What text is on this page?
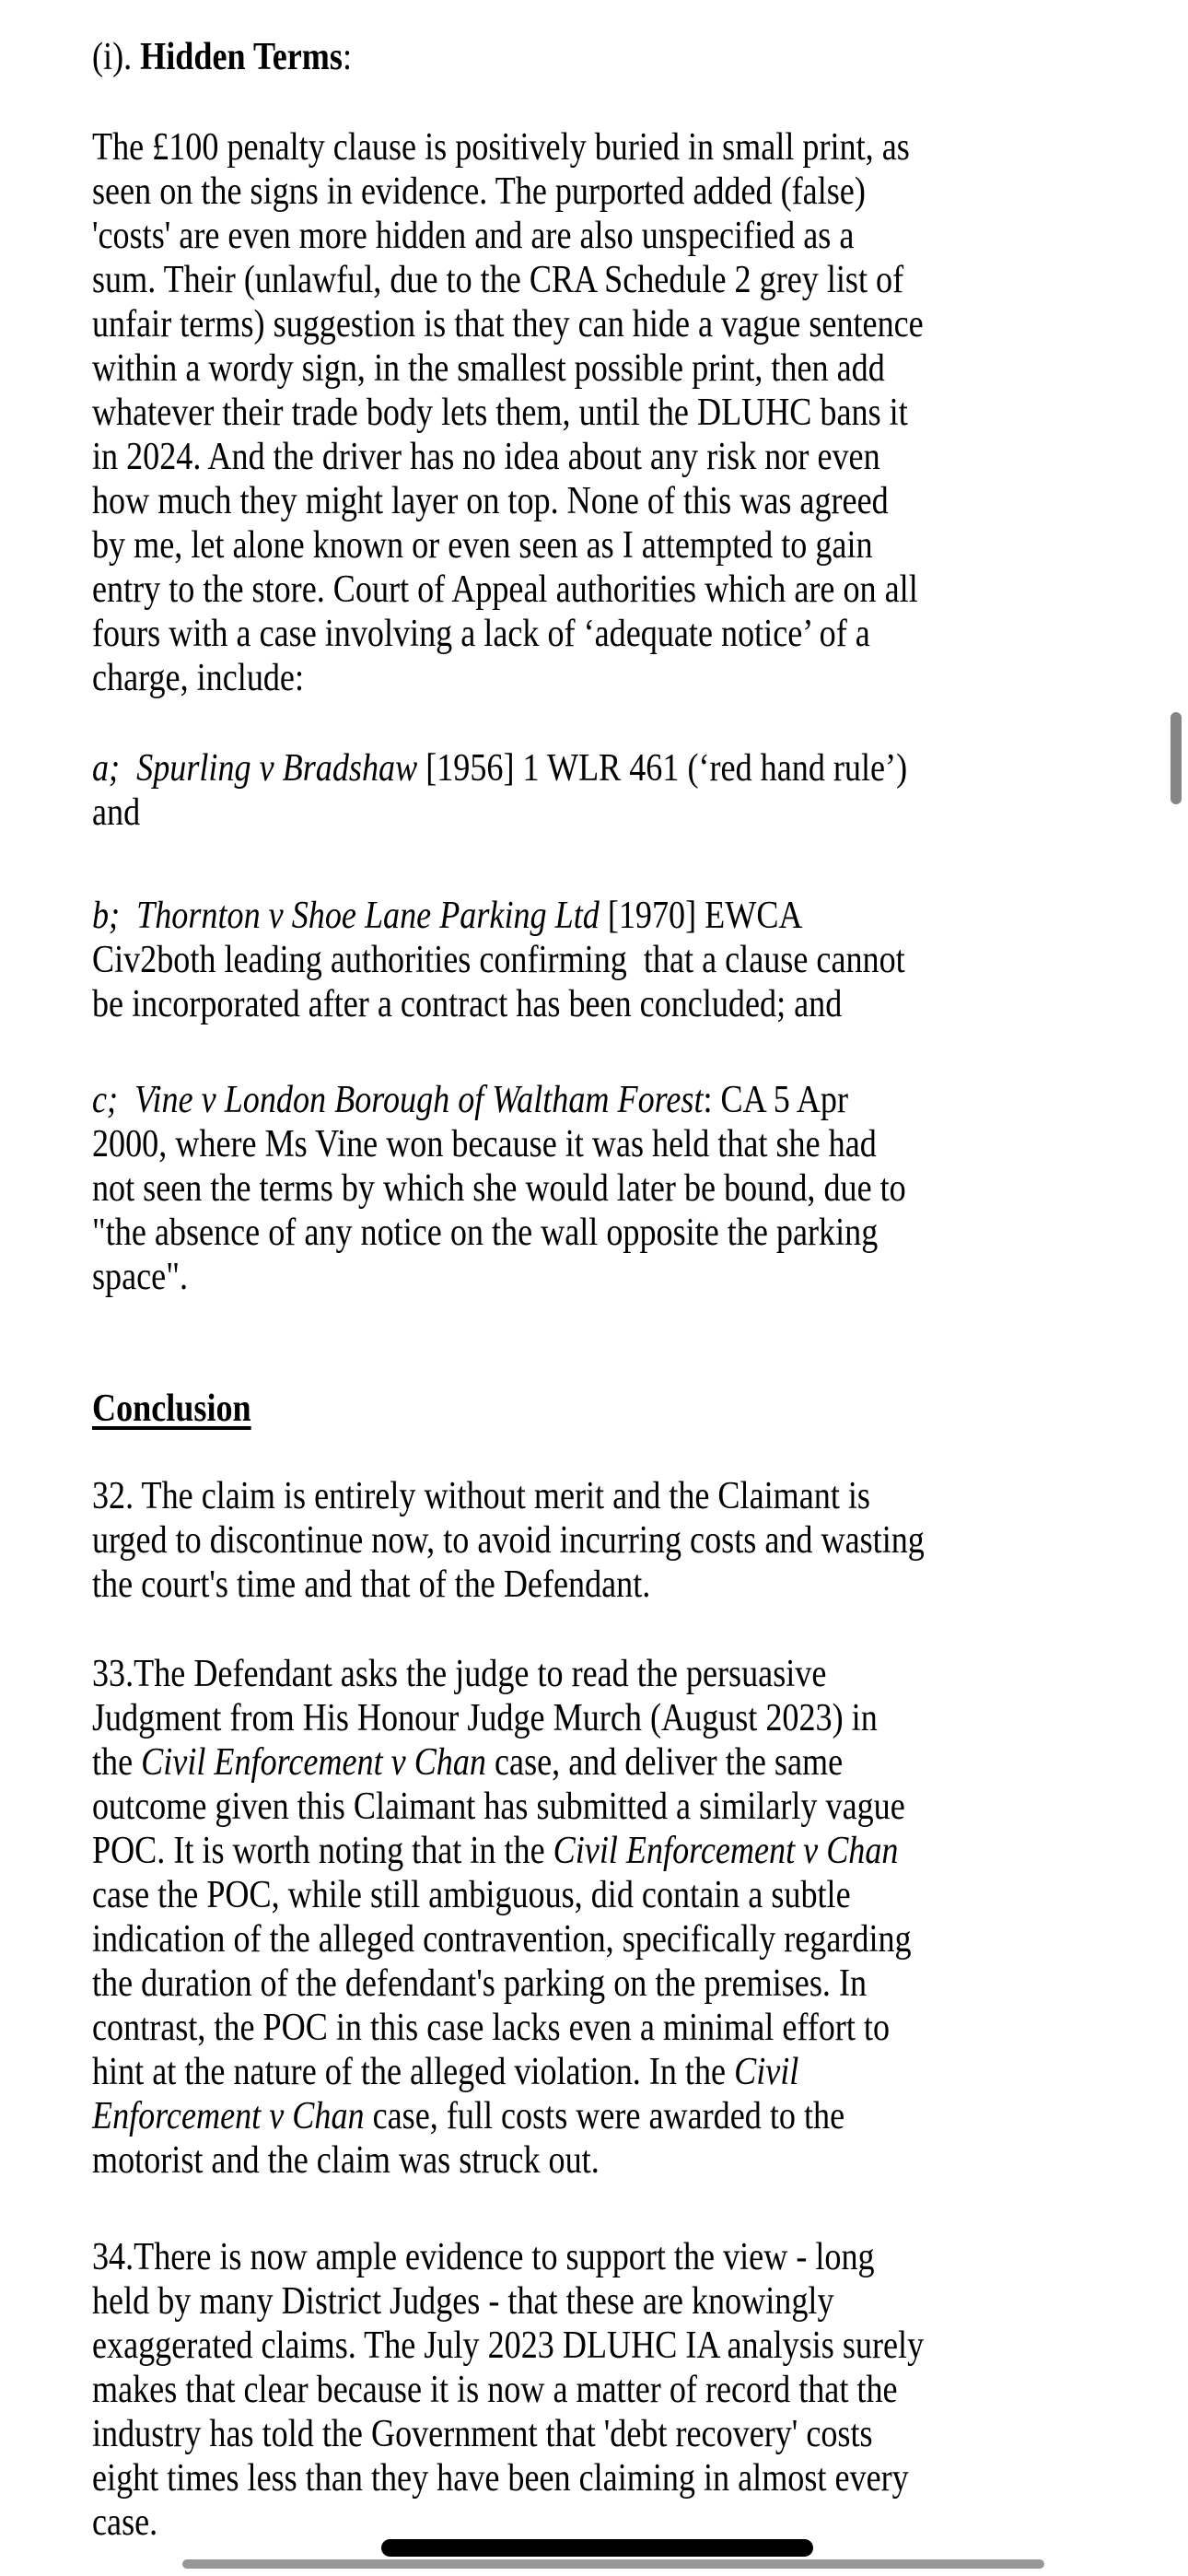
(i). Hidden Terms:
The £100 penalty clause is positively buried in small print, as
seen on the signs in evidence. The purported added (false)
'costs' are even more hidden and are also unspecified as a
sum. Their (unlawful, due to the CRA Schedule 2 grey list of
unfair terms) suggestion is that they can hide a vague sentence
within a wordy sign, in the smallest possible print, then add
whatever their trade body lets them, until the DLUHC bans it
in 2024. And the driver has no idea about any risk nor even
how much they might layer on top. None of this was agreed
by me, let alone known or even seen as I attempted to gain
entry to the store. Court of Appeal authorities which are on all
fours with a case involving a lack of ‘adequate notice’ of a
charge, include:
a;  Spurling v Bradshaw [1956] 1 WLR 461 (‘red hand rule’)
and
b;  Thornton v Shoe Lane Parking Ltd [1970] EWCA
Civ2both leading authorities confirming  that a clause cannot
be incorporated after a contract has been concluded; and
c;  Vine v London Borough of Waltham Forest: CA 5 Apr
2000, where Ms Vine won because it was held that she had
not seen the terms by which she would later be bound, due to
"the absence of any notice on the wall opposite the parking
space".
Conclusion
32. The claim is entirely without merit and the Claimant is
urged to discontinue now, to avoid incurring costs and wasting
the court's time and that of the Defendant.
33.The Defendant asks the judge to read the persuasive
Judgment from His Honour Judge Murch (August 2023) in
the Civil Enforcement v Chan case, and deliver the same
outcome given this Claimant has submitted a similarly vague
POC. It is worth noting that in the Civil Enforcement v Chan
case the POC, while still ambiguous, did contain a subtle
indication of the alleged contravention, specifically regarding
the duration of the defendant's parking on the premises. In
contrast, the POC in this case lacks even a minimal effort to
hint at the nature of the alleged violation. In the Civil
Enforcement v Chan case, full costs were awarded to the
motorist and the claim was struck out.
34.There is now ample evidence to support the view - long
held by many District Judges - that these are knowingly
exaggerated claims. The July 2023 DLUHC IA analysis surely
makes that clear because it is now a matter of record that the
industry has told the Government that 'debt recovery' costs
eight times less than they have been claiming in almost every
case.
